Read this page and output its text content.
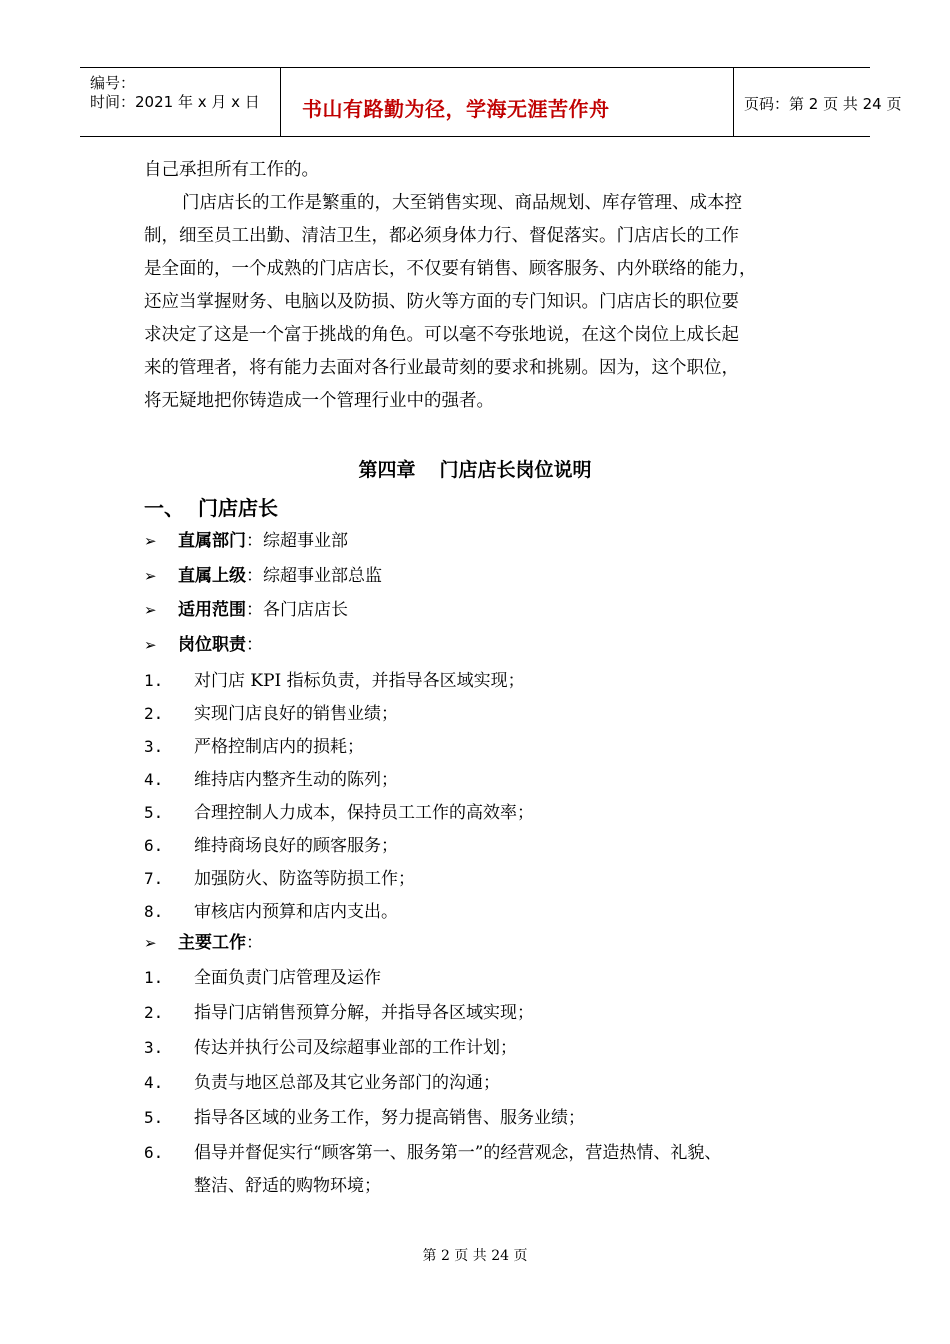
编号：
时间：2021 年 x 月 x 日 书山有路勤为径，学海无涯苦作舟	页码：第 2 页 共 24 页
自己承担所有工作的。
门店店长的工作是繁重的，大至销售实现、商品规划、库存管理、成本控
制，细至员工出勤、清洁卫生，都必须身体力行、督促落实。门店店长的工作
是全面的，一个成熟的门店店长，不仅要有销售、顾客服务、内外联络的能力，
还应当掌握财务、电脑以及防损、防火等方面的专门知识。门店店长的职位要
求决定了这是一个富于挑战的角色。可以毫不夸张地说，在这个岗位上成长起
来的管理者，将有能力去面对各行业最苛刻的要求和挑剔。因为，这个职位，
将无疑地把你铸造成一个管理行业中的强者。
第四章 门店店长岗位说明
一、 门店店长
➢ 直属部门：综超事业部
➢ 直属上级：综超事业部总监
➢ 适用范围：各门店店长
➢ 岗位职责：
1. 对门店 KPI 指标负责，并指导各区域实现；
2. 实现门店良好的销售业绩；
3. 严格控制店内的损耗；
4. 维持店内整齐生动的陈列；
5. 合理控制人力成本，保持员工工作的高效率；
6. 维持商场良好的顾客服务；
7. 加强防火、防盗等防损工作；
8. 审核店内预算和店内支出。
➢ 主要工作：
1. 全面负责门店管理及运作
2. 指导门店销售预算分解，并指导各区域实现；
3. 传达并执行公司及综超事业部的工作计划；
4. 负责与地区总部及其它业务部门的沟通；
5. 指导各区域的业务工作，努力提高销售、服务业绩；
6. 倡导并督促实行“顾客第一、服务第一”的经营观念，营造热情、礼貌、
整洁、舒适的购物环境；
第 2 页 共 24 页
